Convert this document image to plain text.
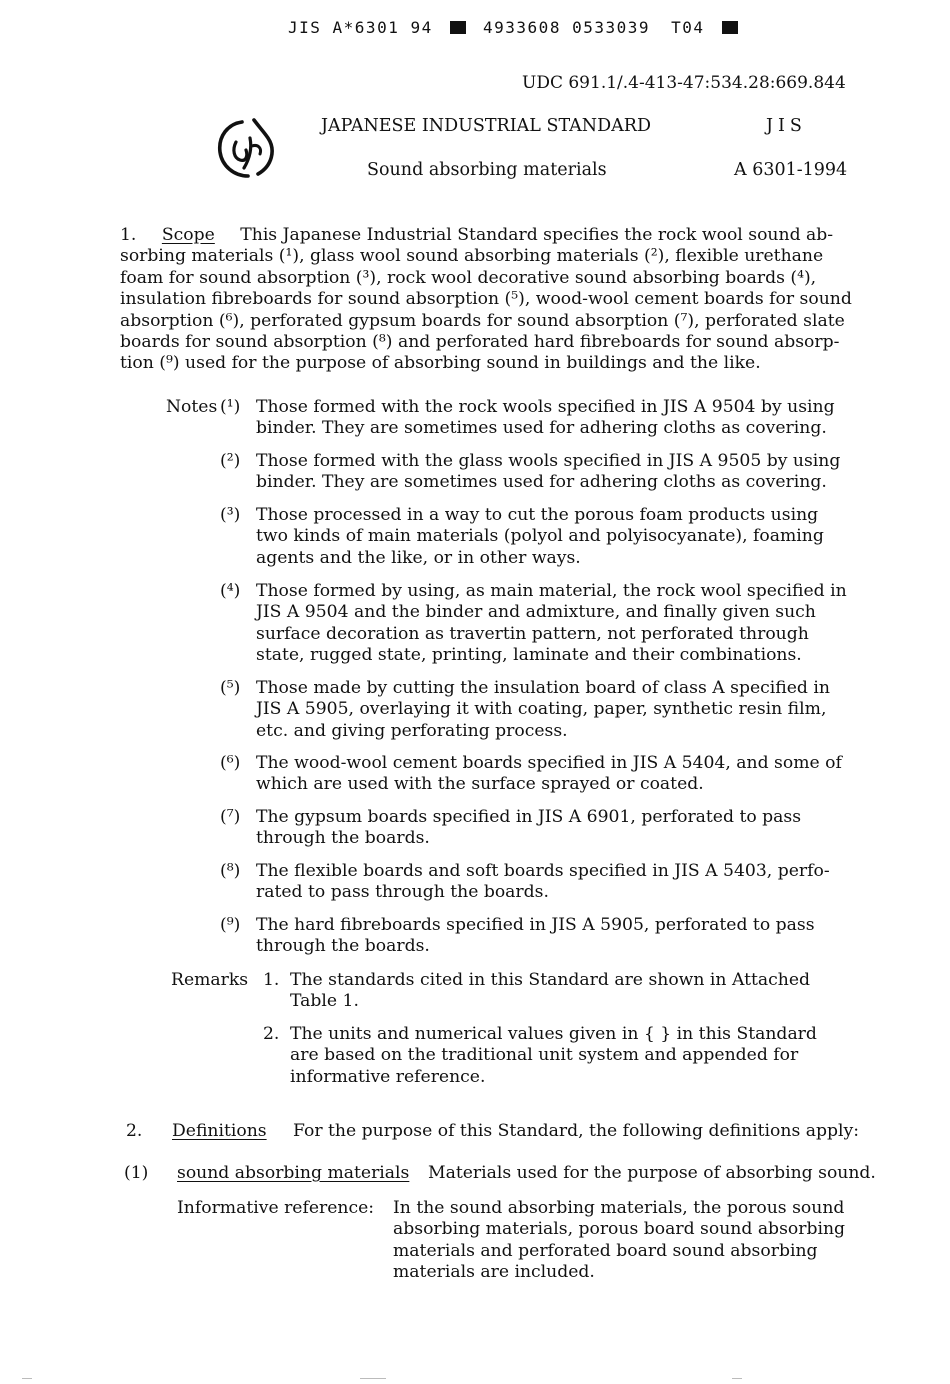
JIS A*6301 94	4933608 0533039 T04
UDC 691.1/.4-413-47:534.28:669.844
JAPANESE INDUSTRIAL STANDARD	JIS
Sound absorbing materials	A 6301-1994
1. Scope This Japanese Industrial Standard specifies the rock wool sound ab-
sorbing materials (¹), glass wool sound absorbing materials (²), flexible urethane
foam for sound absorption (³), rock wool decorative sound absorbing boards (⁴),
insulation fibreboards for sound absorption (⁵), wood-wool cement boards for sound
absorption (⁶), perforated gypsum boards for sound absorption (⁷), perforated slate
boards for sound absorption (⁸) and perforated hard fibreboards for sound absorp-
tion (⁹) used for the purpose of absorbing sound in buildings and the like.
Notes (¹) Those formed with the rock wools specified in JIS A 9504 by using
binder. They are sometimes used for adhering cloths as covering.
(²) Those formed with the glass wools specified in JIS A 9505 by using
binder. They are sometimes used for adhering cloths as covering.
(³) Those processed in a way to cut the porous foam products using
two kinds of main materials (polyol and polyisocyanate), foaming
agents and the like, or in other ways.
(⁴) Those formed by using, as main material, the rock wool specified in
JIS A 9504 and the binder and admixture, and finally given such
surface decoration as travertin pattern, not perforated through
state, rugged state, printing, laminate and their combinations.
(⁵) Those made by cutting the insulation board of class A specified in
JIS A 5905, overlaying it with coating, paper, synthetic resin film,
etc. and giving perforating process.
(⁶) The wood-wool cement boards specified in JIS A 5404, and some of
which are used with the surface sprayed or coated.
(⁷) The gypsum boards specified in JIS A 6901, perforated to pass
through the boards.
(⁸) The flexible boards and soft boards specified in JIS A 5403, perfo-
rated to pass through the boards.
(⁹) The hard fibreboards specified in JIS A 5905, perforated to pass
through the boards.
Remarks 1. The standards cited in this Standard are shown in Attached
Table 1.
2. The units and numerical values given in { } in this Standard
are based on the traditional unit system and appended for
informative reference.
2. Definitions For the purpose of this Standard, the following definitions apply:
(1) sound absorbing materials Materials used for the purpose of absorbing sound.
Informative reference: In the sound absorbing materials, the porous sound
absorbing materials, porous board sound absorbing
materials and perforated board sound absorbing
materials are included.
